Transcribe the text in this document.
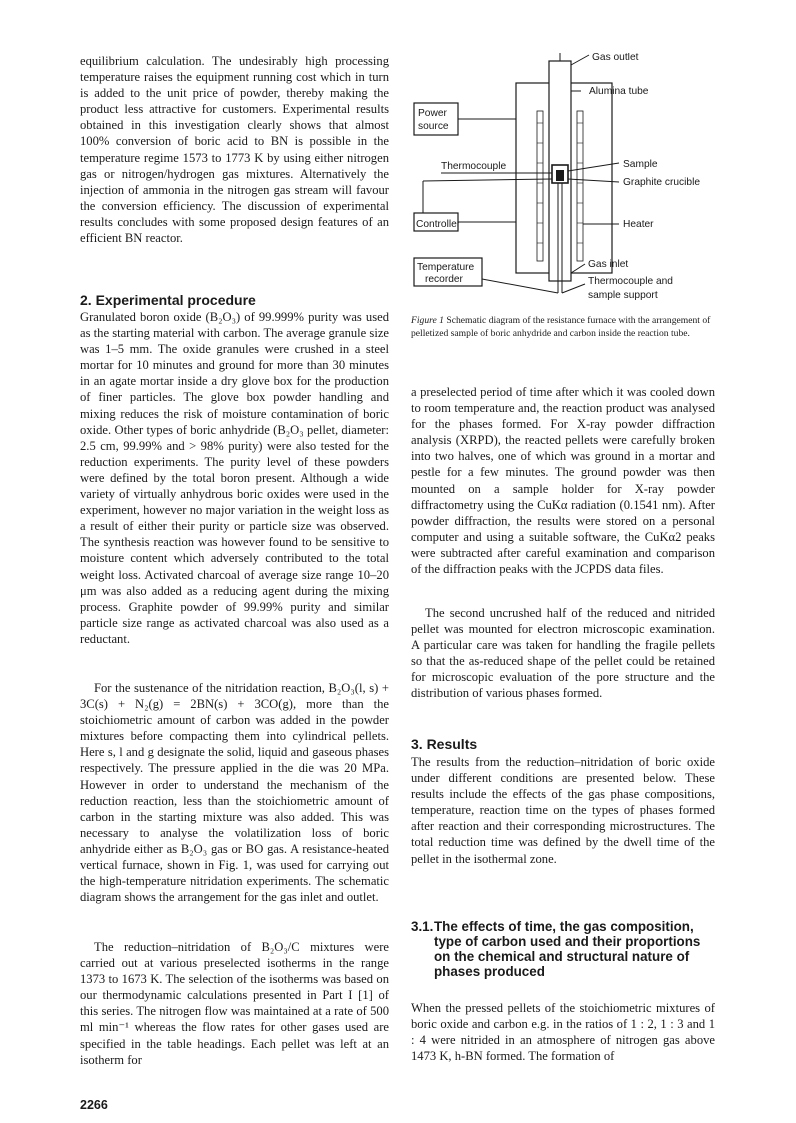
equilibrium calculation. The undesirably high processing temperature raises the equipment running cost which in turn is added to the unit price of powder, thereby making the product less attractive for customers. Experimental results obtained in this investigation clearly shows that almost 100% conversion of boric acid to BN is possible in the temperature regime 1573 to 1773 K by using either nitrogen gas or nitrogen/hydrogen gas mixtures. Alternatively the injection of ammonia in the nitrogen gas stream will favour the conversion efficiency. The discussion of experimental results concludes with some proposed design features of an efficient BN reactor.

2. Experimental procedure

Granulated boron oxide (B₂O₃) of 99.999% purity was used as the starting material with carbon. The average granule size was 1–5 mm. The oxide granules were crushed in a steel mortar for 10 minutes and ground for more than 30 minutes in an agate mortar inside a dry glove box for the production of finer particles. The glove box powder handling and mixing reduces the risk of moisture contamination of boric oxide. Other types of boric anhydride (B₂O₃ pellet, diameter: 2.5 cm, 99.99% and > 98% purity) were also tested for the reduction experiments. The purity level of these powders were defined by the total boron present. Although a wide variety of virtually anhydrous boric oxides were used in the experiment, however no major variation in the weight loss as a result of either their purity or particle size was observed. The synthesis reaction was however found to be sensitive to moisture content which adversely contributed to the total weight loss. Activated charcoal of average size range 10–20 μm was also added as a reducing agent during the mixing process. Graphite powder of 99.99% purity and similar particle size range as activated charcoal was also used as a reductant.

For the sustenance of the nitridation reaction, B₂O₃(l, s) + 3C(s) + N₂(g) = 2BN(s) + 3CO(g), more than the stoichiometric amount of carbon was added in the powder mixtures before compacting them into cylindrical pellets. Here s, l and g designate the solid, liquid and gaseous phases respectively. The pressure applied in the die was 20 MPa. However in order to understand the mechanism of the reduction reaction, less than the stoichiometric amount of carbon in the starting mixture was also added. This was necessary to analyse the volatilization loss of boric anhydride either as B₂O₃ gas or BO gas. A resistance-heated vertical furnace, shown in Fig. 1, was used for carrying out the high-temperature nitridation experiments. The schematic diagram shows the arrangement for the gas inlet and outlet.

The reduction–nitridation of B₂O₃/C mixtures were carried out at various preselected isotherms in the range 1373 to 1673 K. The selection of the isotherms was based on our thermodynamic calculations presented in Part I [1] of this series. The nitrogen flow was maintained at a rate of 500 ml min⁻¹ whereas the flow rates for other gases used are specified in the table headings. Each pellet was left at an isotherm for

2266

Gas outlet
Alumina tube
Power
source
Thermocouple	Sample
Graphite crucible
Controller	Heater
Temperature
recorder
Gas inlet
Thermocouple and
sample support

Figure 1 Schematic diagram of the resistance furnace with the arrangement of pelletized sample of boric anhydride and carbon inside the reaction tube.

a preselected period of time after which it was cooled down to room temperature and, the reaction product was analysed for the phases formed. For X-ray powder diffraction analysis (XRPD), the reacted pellets were carefully broken into two halves, one of which was ground in a mortar and pestle for a few minutes. The ground powder was then mounted on a sample holder for X-ray powder diffractometry using the CuKα radiation (0.1541 nm). After powder diffraction, the results were stored on a personal computer and using a suitable software, the CuKα2 peaks were subtracted after careful examination and comparison of the diffraction peaks with the JCPDS data files.

The second uncrushed half of the reduced and nitrided pellet was mounted for electron microscopic examination. A particular care was taken for handling the fragile pellets so that the as-reduced shape of the pellet could be retained for microscopic evaluation of the pore structure and the distribution of various phases formed.

3. Results

The results from the reduction–nitridation of boric oxide under different conditions are presented below. These results include the effects of the gas phase compositions, temperature, reaction time on the types of phases formed after reaction and their corresponding microstructures. The total reduction time was defined by the dwell time of the pellet in the isothermal zone.

3.1. The effects of time, the gas composition, type of carbon used and their proportions on the chemical and structural nature of phases produced

When the pressed pellets of the stoichiometric mixtures of boric oxide and carbon e.g. in the ratios of 1 : 2, 1 : 3 and 1 : 4 were nitrided in an atmosphere of nitrogen gas above 1473 K, h-BN formed. The formation of
